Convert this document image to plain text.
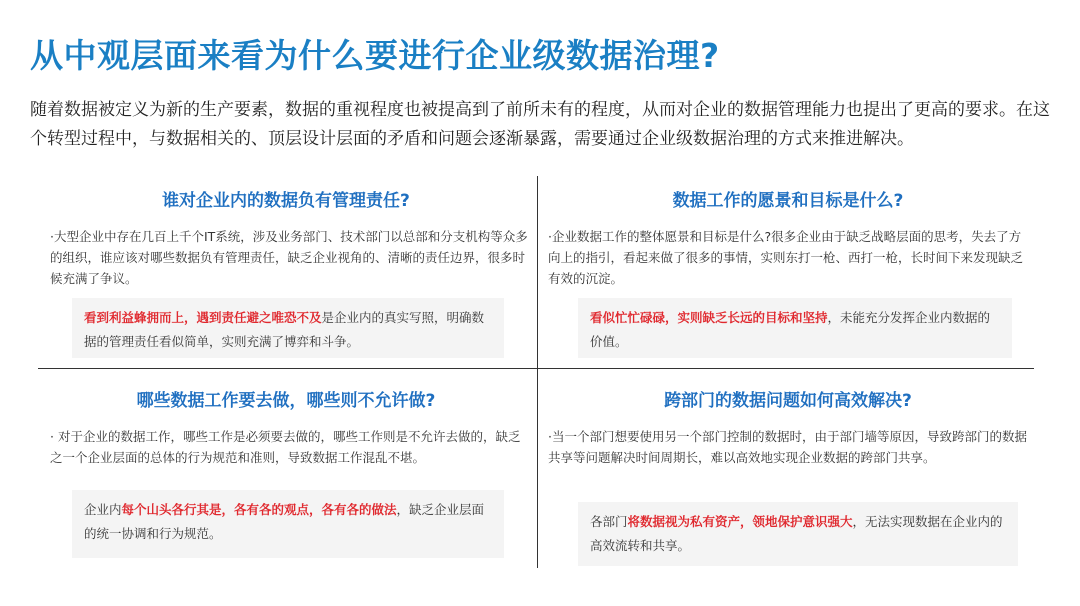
从中观层面来看为什么要进行企业级数据治理?
随着数据被定义为新的生产要素，数据的重视程度也被提高到了前所未有的程度，从而对企业的数据管理能力也提出了更高的要求。在这个转型过程中，与数据相关的、顶层设计层面的矛盾和问题会逐渐暴露，需要通过企业级数据治理的方式来推进解决。
谁对企业内的数据负有管理责任?
·大型企业中存在几百上千个IT系统，涉及业务部门、技术部门以总部和分支机构等众多的组织，谁应该对哪些数据负有管理责任，缺乏企业视角的、清晰的责任边界，很多时候充满了争议。
看到利益蜂拥而上，遇到责任避之唯恐不及是企业内的真实写照，明确数据的管理责任看似简单，实则充满了博弈和斗争。
数据工作的愿景和目标是什么?
·企业数据工作的整体愿景和目标是什么?很多企业由于缺乏战略层面的思考，失去了方向上的指引，看起来做了很多的事情，实则东打一枪、西打一枪，长时间下来发现缺乏有效的沉淀。
看似忙忙碌碌，实则缺乏长远的目标和坚持，未能充分发挥企业内数据的价值。
哪些数据工作要去做，哪些则不允许做?
· 对于企业的数据工作，哪些工作是必须要去做的，哪些工作则是不允许去做的，缺乏之一个企业层面的总体的行为规范和准则，导致数据工作混乱不堪。
企业内每个山头各行其是，各有各的观点，各有各的做法，缺乏企业层面的统一协调和行为规范。
跨部门的数据问题如何高效解决?
·当一个部门想要使用另一个部门控制的数据时，由于部门墙等原因，导致跨部门的数据共享等问题解决时间周期长，难以高效地实现企业数据的跨部门共享。
各部门将数据视为私有资产，领地保护意识强大，无法实现数据在企业内的高效流转和共享。
